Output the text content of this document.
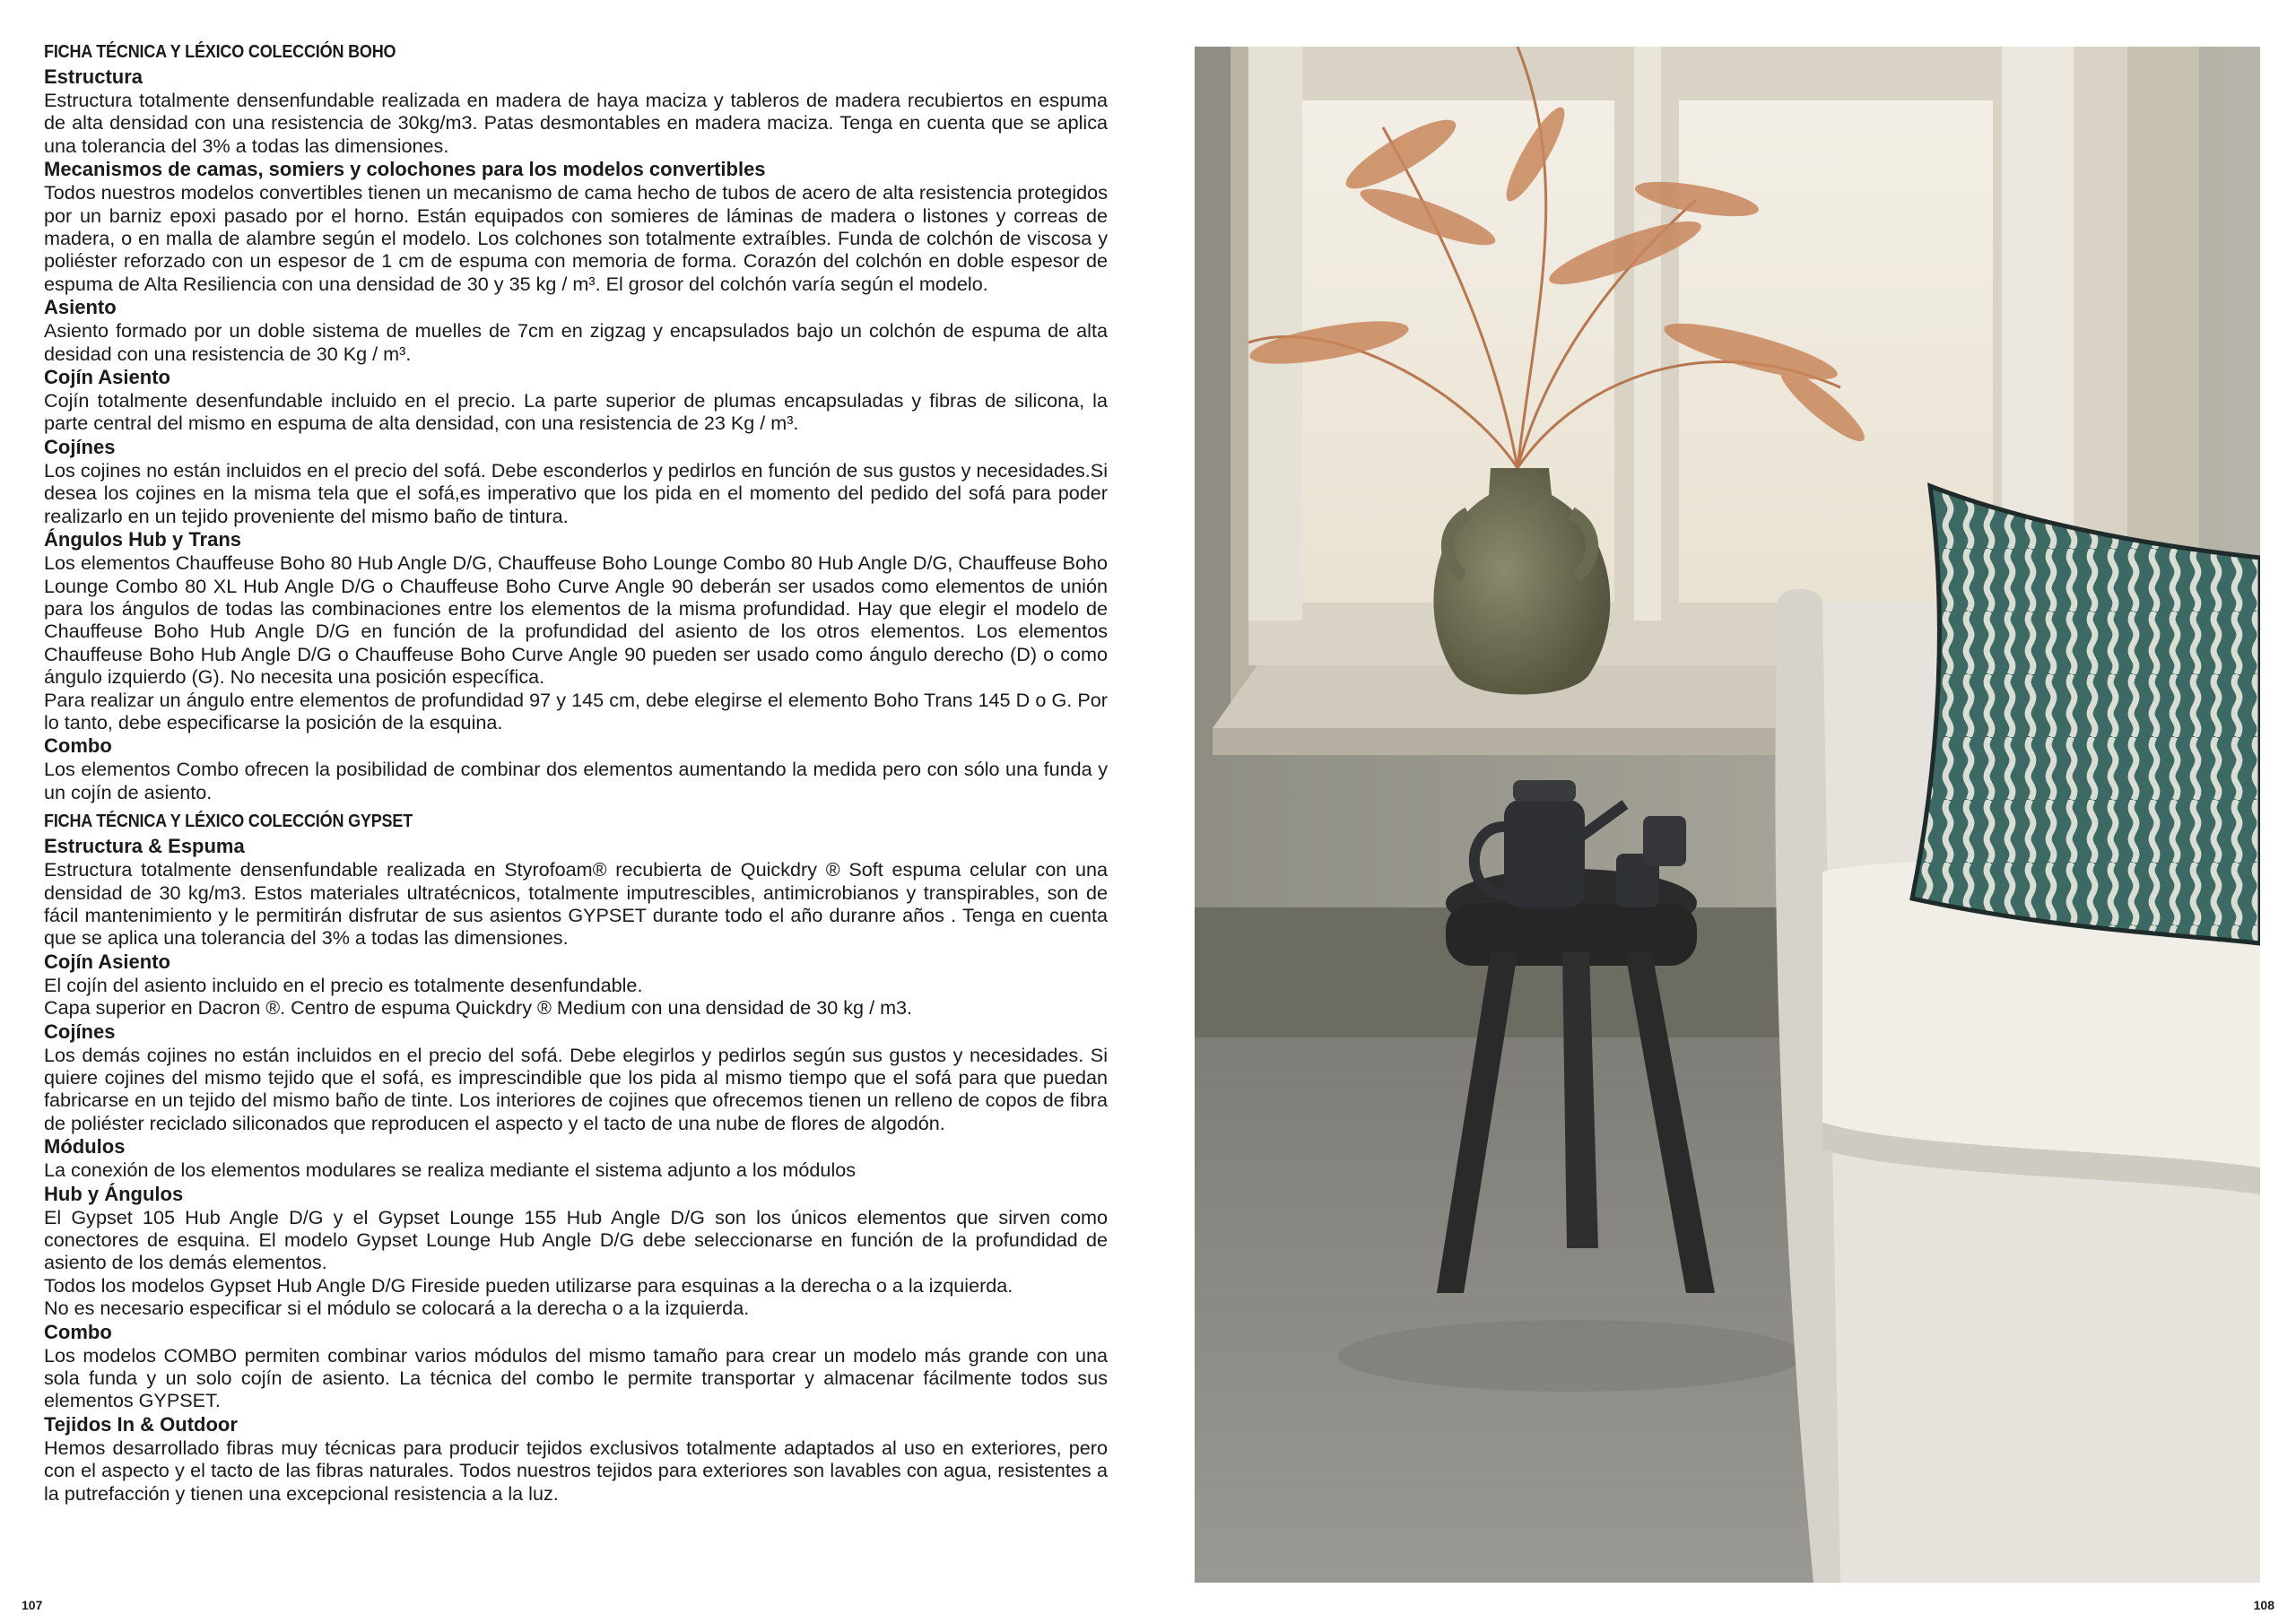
FICHA TÉCNICA Y LÉXICO COLECCIÓN BOHO

Estructura

Estructura totalmente densenfundable realizada en madera de haya maciza y tableros de madera recubiertos en espuma de alta densidad con una resistencia de 30kg/m3. Patas desmontables en madera maciza. Tenga en cuenta que se aplica una tolerancia del 3% a todas las dimensiones.

Mecanismos de camas, somiers y colochones para los modelos convertibles

Todos nuestros modelos convertibles tienen un mecanismo de cama hecho de tubos de acero de alta resistencia protegidos por un barniz epoxi pasado por el horno. Están equipados con somieres de láminas de madera o listones y correas de madera, o en malla de alambre según el modelo. Los colchones son totalmente extraíbles. Funda de colchón de viscosa y poliéster reforzado con un espesor de 1 cm de espuma con memoria de forma. Corazón del colchón en doble espesor de espuma de Alta Resiliencia con una densidad de 30 y 35 kg / m³. El grosor del colchón varía según el modelo.

Asiento

Asiento formado por un doble sistema de muelles de 7cm en zigzag y encapsulados bajo un colchón de espuma de alta desidad con una resistencia de 30 Kg / m³.

Cojín Asiento

Cojín totalmente desenfundable incluido en el precio. La parte superior de plumas encapsuladas y fibras de silicona, la parte central del mismo en espuma de alta densidad, con una resistencia de 23 Kg / m³.

Cojínes

Los cojines no están incluidos en el precio del sofá. Debe esconderlos y pedirlos en función de sus gustos y necesidades.Si desea los cojines en la misma tela que el sofá,es imperativo que los pida en el momento del pedido del sofá para poder realizarlo en un tejido proveniente del mismo baño de tintura.

Ángulos Hub y Trans

Los elementos Chauffeuse Boho 80 Hub Angle D/G, Chauffeuse Boho Lounge Combo 80 Hub Angle D/G, Chauffeuse Boho Lounge Combo 80 XL Hub Angle D/G o Chauffeuse Boho Curve Angle 90 deberán ser usados como elementos de unión para los ángulos de todas las combinaciones entre los elementos de la misma profundidad. Hay que elegir el modelo de Chauffeuse Boho Hub Angle D/G en función de la profundidad del asiento de los otros elementos. Los elementos Chauffeuse Boho Hub Angle D/G o Chauffeuse Boho Curve Angle 90 pueden ser usado como ángulo derecho (D) o como ángulo izquierdo (G). No necesita una posición específica.

Para realizar un ángulo entre elementos de profundidad 97 y 145 cm, debe elegirse el elemento Boho Trans 145 D o G. Por lo tanto, debe especificarse la posición de la esquina.

Combo

Los elementos Combo ofrecen la posibilidad de combinar dos elementos aumentando la medida pero con sólo una funda y un cojín de asiento.

FICHA TÉCNICA Y LÉXICO COLECCIÓN GYPSET

Estructura & Espuma

Estructura totalmente densenfundable realizada en Styrofoam® recubierta de Quickdry ® Soft espuma celular con una densidad de 30 kg/m3. Estos materiales ultratécnicos, totalmente imputrescibles, antimicrobianos y transpirables, son de fácil mantenimiento y le permitirán disfrutar de sus asientos GYPSET durante todo el año duranre años . Tenga en cuenta que se aplica una tolerancia del 3% a todas las dimensiones.

Cojín Asiento

El cojín del asiento incluido en el precio es totalmente desenfundable.

Capa superior en Dacron ®. Centro de espuma Quickdry ® Medium con una densidad de 30 kg / m3.

Cojínes

Los demás cojines no están incluidos en el precio del sofá. Debe elegirlos y pedirlos según sus gustos y necesidades. Si quiere cojines del mismo tejido que el sofá, es imprescindible que los pida al mismo tiempo que el sofá para que puedan fabricarse en un tejido del mismo baño de tinte. Los interiores de cojines que ofrecemos tienen un relleno de copos de fibra de poliéster reciclado siliconados que reproducen el aspecto y el tacto de una nube de flores de algodón.

Módulos

La conexión de los elementos modulares se realiza mediante el sistema adjunto a los módulos

Hub y Ángulos

El Gypset 105 Hub Angle D/G y el Gypset Lounge 155 Hub Angle D/G son los únicos elementos que sirven como conectores de esquina. El modelo Gypset Lounge Hub Angle D/G debe seleccionarse en función de la profundidad de asiento de los demás elementos.

Todos los modelos Gypset Hub Angle D/G Fireside pueden utilizarse para esquinas a la derecha o a la izquierda.

No es necesario especificar si el módulo se colocará a la derecha o a la izquierda.

Combo

Los modelos COMBO permiten combinar varios módulos del mismo tamaño para crear un modelo más grande con una sola funda y un solo cojín de asiento. La técnica del combo le permite transportar y almacenar fácilmente todos sus elementos GYPSET.

Tejidos In & Outdoor

Hemos desarrollado fibras muy técnicas para producir tejidos exclusivos totalmente adaptados al uso en exteriores, pero con el aspecto y el tacto de las fibras naturales. Todos nuestros tejidos para exteriores son lavables con agua, resistentes a la putrefacción y tienen una excepcional resistencia a la luz.

107	108
